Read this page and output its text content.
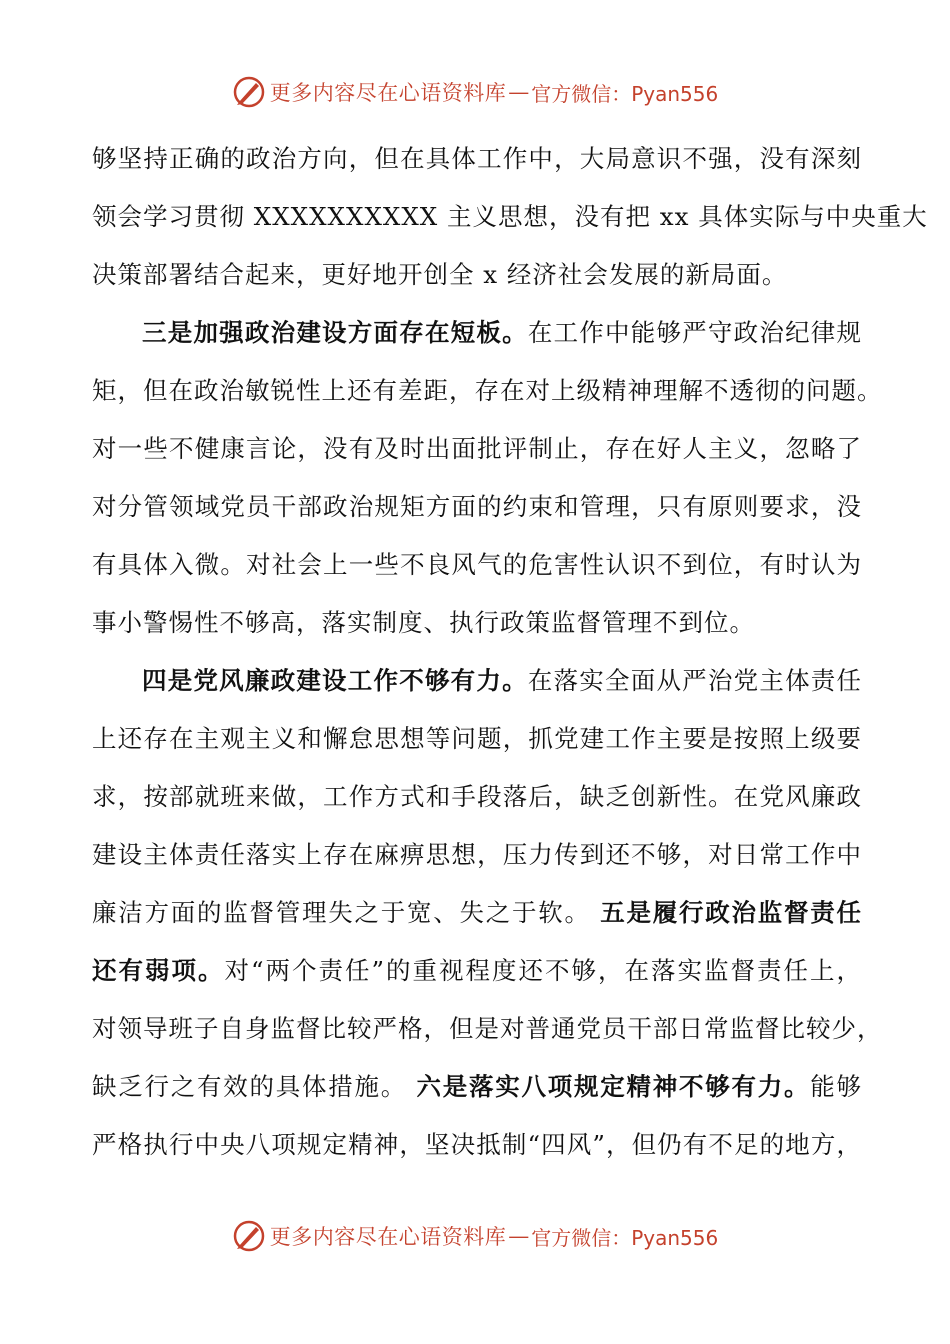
更多内容尽在心语资料库 — 官方微信：Pyan556
够坚持正确的政治方向，但在具体工作中，大局意识不强，没有深刻
领会学习贯彻 XXXXXXXXXX 主义思想，没有把 xx 具体实际与中央重大
决策部署结合起来，更好地开创全 x 经济社会发展的新局面。
三是加强政治建设方面存在短板。在工作中能够严守政治纪律规
矩，但在政治敏锐性上还有差距，存在对上级精神理解不透彻的问题。
对一些不健康言论，没有及时出面批评制止，存在好人主义，忽略了
对分管领域党员干部政治规矩方面的约束和管理，只有原则要求，没
有具体入微。对社会上一些不良风气的危害性认识不到位，有时认为
事小警惕性不够高，落实制度、执行政策监督管理不到位。
四是党风廉政建设工作不够有力。在落实全面从严治党主体责任
上还存在主观主义和懈怠思想等问题，抓党建工作主要是按照上级要
求，按部就班来做，工作方式和手段落后，缺乏创新性。在党风廉政
建设主体责任落实上存在麻痹思想，压力传到还不够，对日常工作中
廉洁方面的监督管理失之于宽、失之于软。 五是履行政治监督责任
还有弱项。对“两个责任”的重视程度还不够，在落实监督责任上，
对领导班子自身监督比较严格，但是对普通党员干部日常监督比较少，
缺乏行之有效的具体措施。 六是落实八项规定精神不够有力。能够
严格执行中央八项规定精神，坚决抵制“四风”，但仍有不足的地方，
更多内容尽在心语资料库 — 官方微信：Pyan556
